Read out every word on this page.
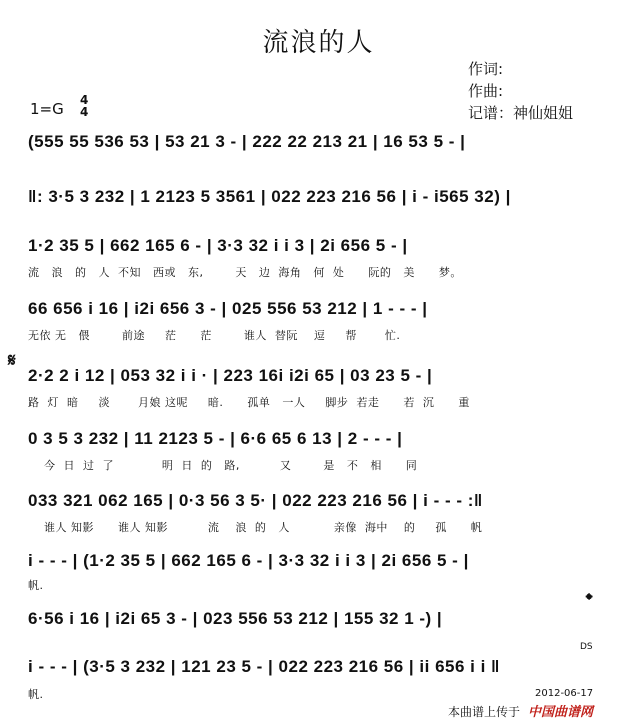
流浪的人
作词:
作曲:
记谱：神仙姐姐
1=G 4
4
(555 55 536 53 | 53 21 3 - | 222 22 213 21 | 16 53 5 - |
‖: 3·5 3 232 | 1 2123 5 3561 | 022 223 216 56 | i - i565 32) |
1·2 35 5 | 662 165 6 - | 3·3 32 i i 3 | 2i 656 5 - |
流   浪   的   人  不知   西或   东,        天   边  海角   何  处      阮的   美      梦。
66 656 i 16 | i2i 656 3 - | 025 556 53 212 | 1 - - - |
无依 无   偎        前途     茫      茫        谁人  替阮    逗     帮       忙.
𝄋
2·2 2 i 12 | 053 32 i i · | 223 16i i2i 65 | 03 23 5 - |
路  灯  暗     淡       月娘 这呢     暗.      孤单   一人     脚步  若走      若  沉      重
0 3 5 3 232 | 11 2123 5 - | 6·6 65 6 13 | 2 - - - |
今  日  过  了            明  日  的   路,          又        是   不   相      同
033 321 062 165 | 0·3 56 3 5· | 022 223 216 56 | i - - - :‖
谁人 知影      谁人 知影          流    浪  的   人           亲像  海中    的     孤      帆
i - - - | (1·2 35 5 | 662 165 6 - | 3·3 32 i i 3 | 2i 656 5 - |
帆.
𝄌
6·56 i 16 | i2i 65 3 - | 023 556 53 212 | 155 32 1 -) |
DS
i - - - | (3·5 3 232 | 121 23 5 - | 022 223 216 56 | ii 656 i i ‖
帆.	2012-06-17
本曲谱上传于 中国曲谱网
